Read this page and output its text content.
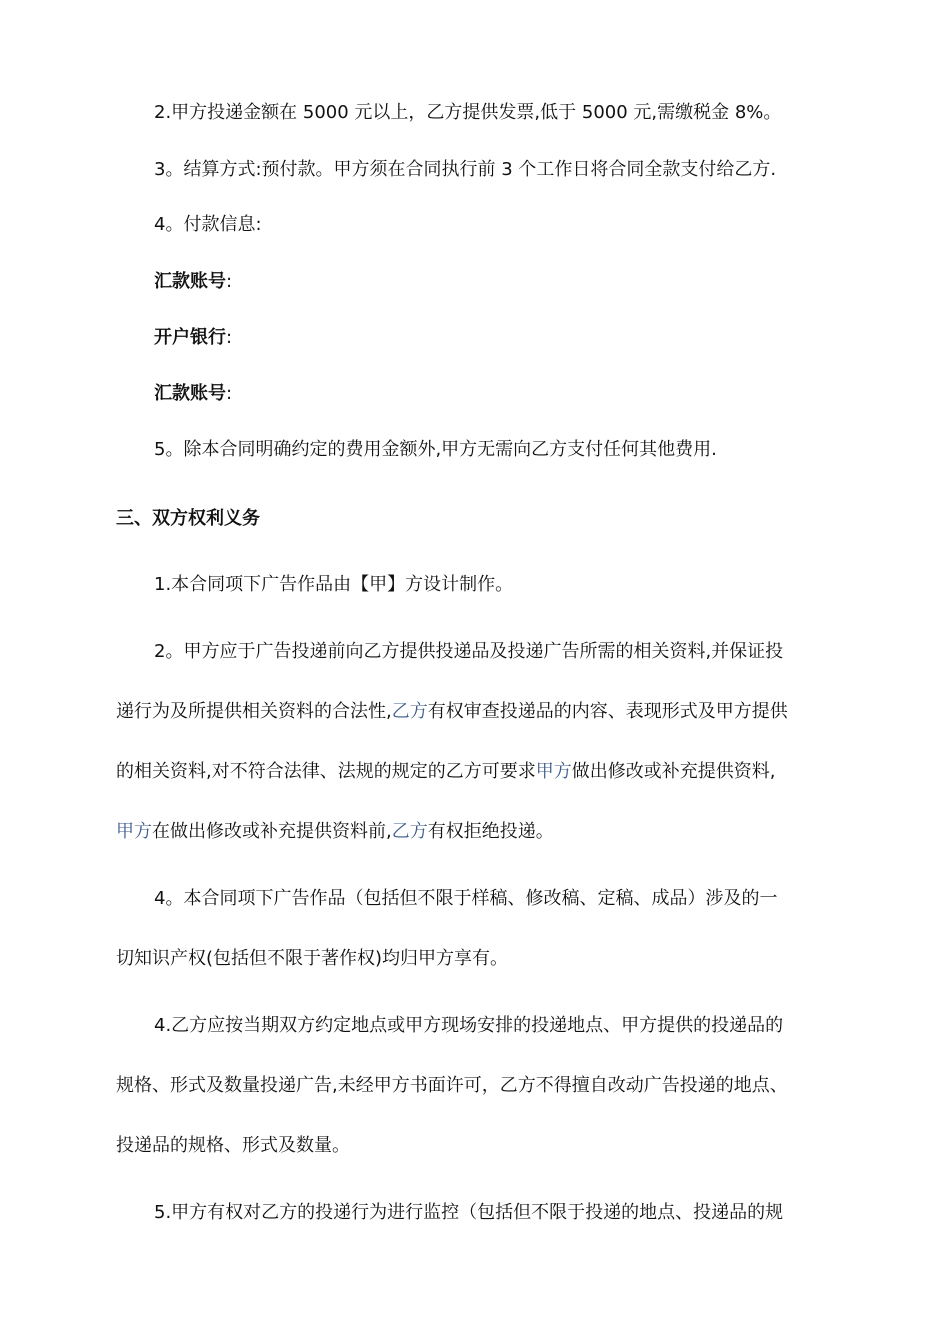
2.甲方投递金额在 5000 元以上，乙方提供发票,低于 5000 元,需缴税金 8%。
3。结算方式:预付款。甲方须在合同执行前 3 个工作日将合同全款支付给乙方.
4。付款信息:
汇款账号:
开户银行:
汇款账号:
5。除本合同明确约定的费用金额外,甲方无需向乙方支付任何其他费用.
三、双方权利义务
1.本合同项下广告作品由【甲】方设计制作。
2。甲方应于广告投递前向乙方提供投递品及投递广告所需的相关资料,并保证投
递行为及所提供相关资料的合法性,乙方有权审查投递品的内容、表现形式及甲方提供
的相关资料,对不符合法律、法规的规定的乙方可要求甲方做出修改或补充提供资料,
甲方在做出修改或补充提供资料前,乙方有权拒绝投递。
4。本合同项下广告作品（包括但不限于样稿、修改稿、定稿、成品）涉及的一
切知识产权(包括但不限于著作权)均归甲方享有。
4.乙方应按当期双方约定地点或甲方现场安排的投递地点、甲方提供的投递品的
规格、形式及数量投递广告,未经甲方书面许可，乙方不得擅自改动广告投递的地点、
投递品的规格、形式及数量。
5.甲方有权对乙方的投递行为进行监控（包括但不限于投递的地点、投递品的规
